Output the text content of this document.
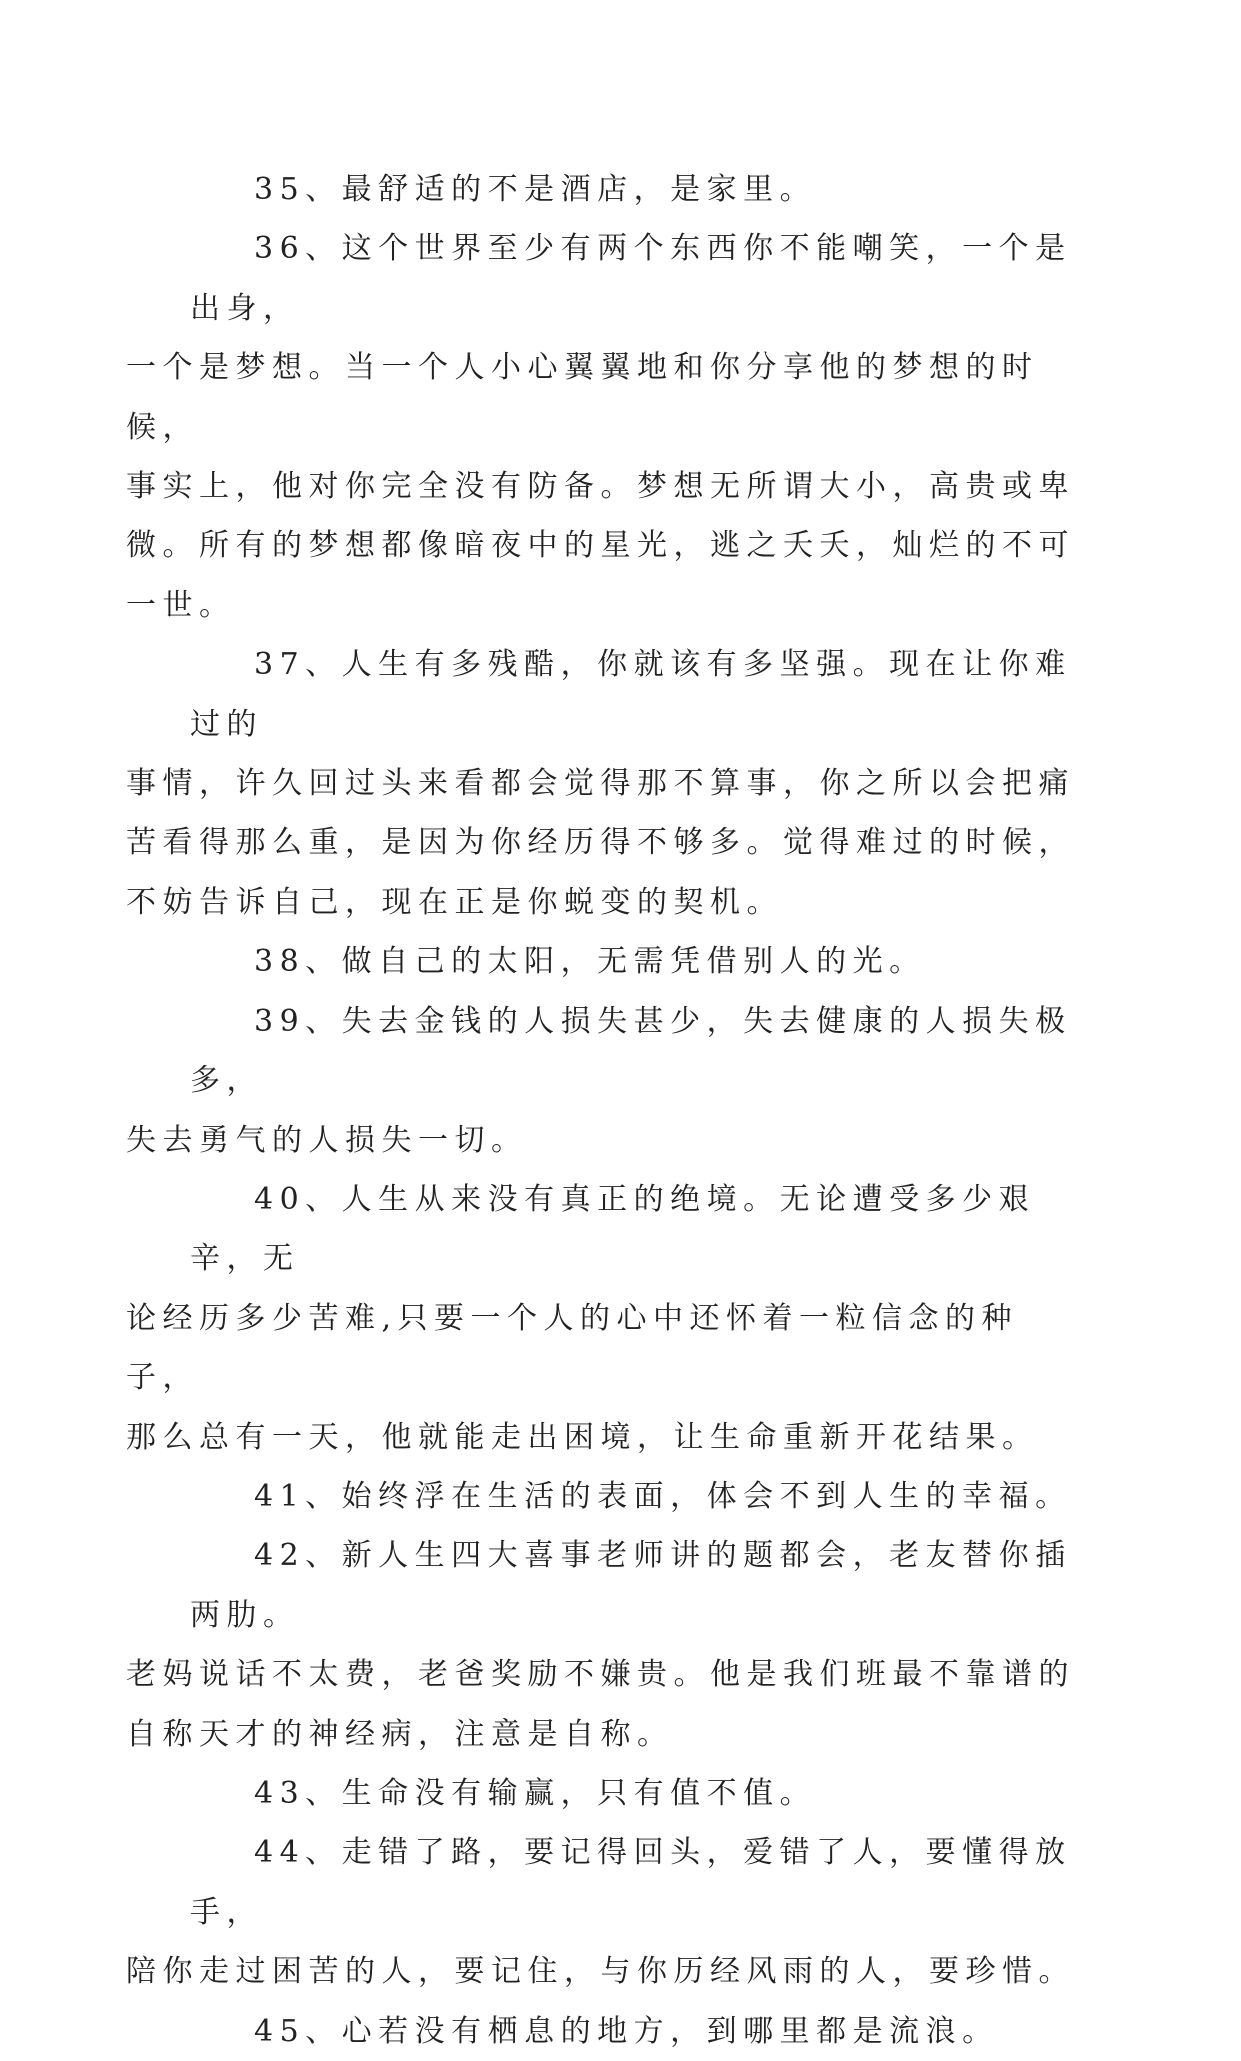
35、最舒适的不是酒店，是家里。

36、这个世界至少有两个东西你不能嘲笑，一个是出身，
一个是梦想。当一个人小心翼翼地和你分享他的梦想的时候，
事实上，他对你完全没有防备。梦想无所谓大小，高贵或卑
微。所有的梦想都像暗夜中的星光，逃之夭夭，灿烂的不可
一世。

37、人生有多残酷，你就该有多坚强。现在让你难过的
事情，许久回过头来看都会觉得那不算事，你之所以会把痛
苦看得那么重，是因为你经历得不够多。觉得难过的时候，
不妨告诉自己，现在正是你蜕变的契机。

38、做自己的太阳，无需凭借别人的光。

39、失去金钱的人损失甚少，失去健康的人损失极多，
失去勇气的人损失一切。

40、人生从来没有真正的绝境。无论遭受多少艰辛，无
论经历多少苦难,只要一个人的心中还怀着一粒信念的种子，
那么总有一天，他就能走出困境，让生命重新开花结果。

41、始终浮在生活的表面，体会不到人生的幸福。

42、新人生四大喜事老师讲的题都会，老友替你插两肋。
老妈说话不太费，老爸奖励不嫌贵。他是我们班最不靠谱的
自称天才的神经病，注意是自称。

43、生命没有输赢，只有值不值。

44、走错了路，要记得回头，爱错了人，要懂得放手，
陪你走过困苦的人，要记住，与你历经风雨的人，要珍惜。

45、心若没有栖息的地方，到哪里都是流浪。
